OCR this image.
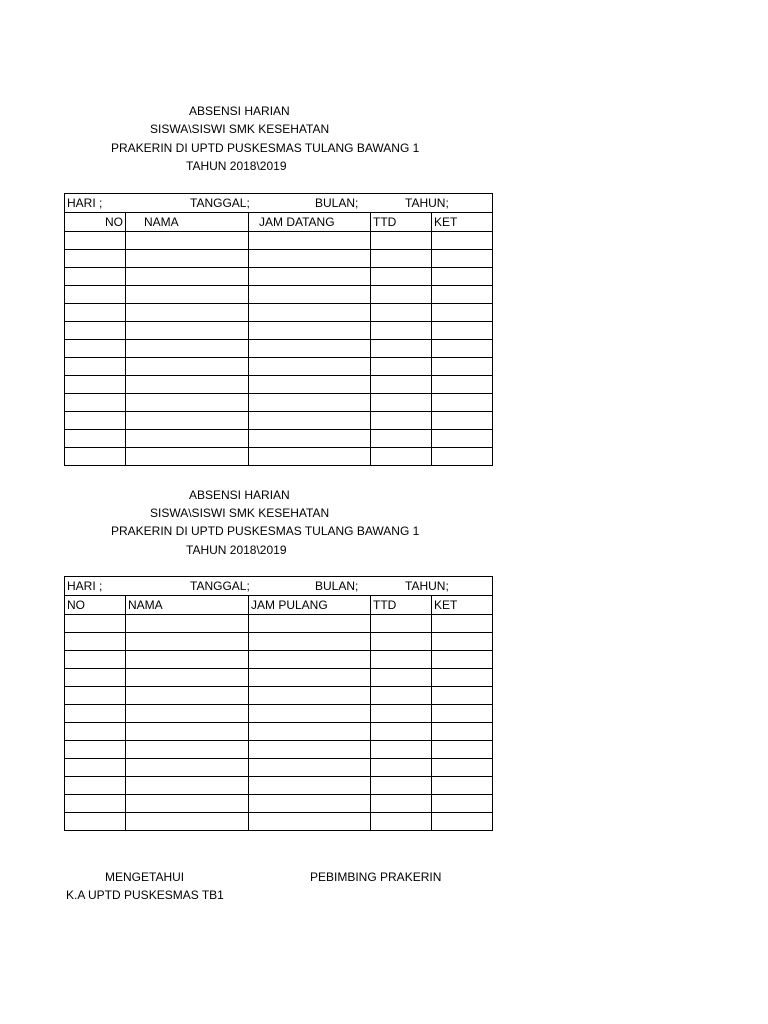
ABSENSI HARIAN
SISWA\SISWI SMK KESEHATAN
PRAKERIN DI UPTD PUSKESMAS TULANG BAWANG 1
TAHUN 2018\2019
HARI ; TANGGAL; BULAN; TAHUN;				

NO	NAMA	JAM DATANG	TTD	KET

ABSENSI HARIAN
SISWA\SISWI SMK KESEHATAN
PRAKERIN DI UPTD PUSKESMAS TULANG BAWANG 1
TAHUN 2018\2019
HARI ; TANGGAL; BULAN; TAHUN;				

NO	NAMA	JAM PULANG	TTD	KET

MENGETAHUI	PEBIMBING PRAKERIN
K.A UPTD PUSKESMAS TB1
